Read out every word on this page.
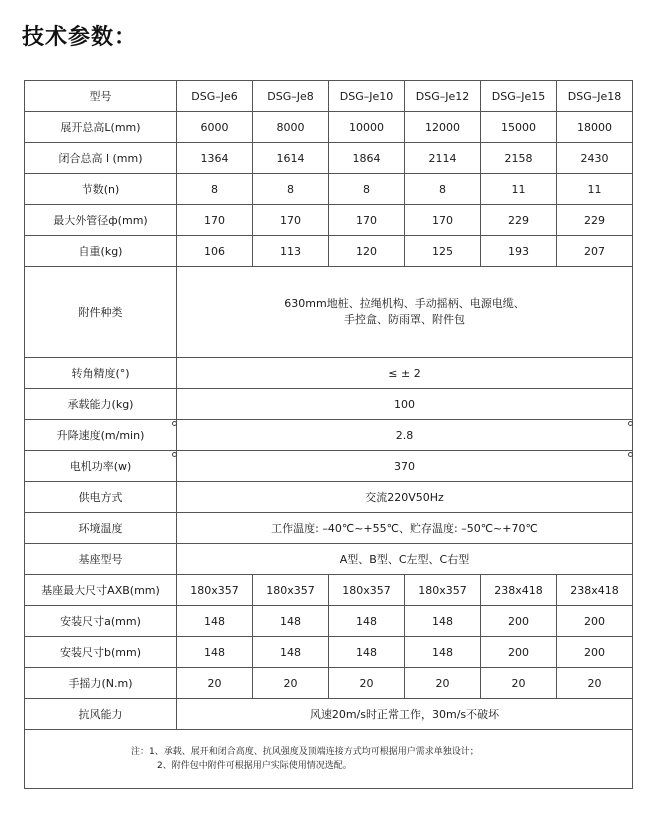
技术参数：
型号	DSG–Je6	DSG–Je8	DSG–Je10	DSG–Je12	DSG–Je15	DSG–Je18
展开总高L(mm)	6000	8000	10000	12000	15000	18000
闭合总高 l (mm)	1364	1614	1864	2114	2158	2430
节数(n)	8	8	8	8	11	11
最大外管径ф(mm)	170	170	170	170	229	229
自重(kg)	106	113	120	125	193	207
附件种类	630mm地桩、拉绳机构、手动摇柄、电源电缆、
手控盒、防雨罩、附件包					

转角精度(°)	≤ ± 2					
承载能力(kg)	100					
升降速度(m/min)	2.8					
电机功率(w)	370					
供电方式	交流220V50Hz					
环境温度	工作温度: –40℃~+55℃、贮存温度: –50℃~+70℃					
基座型号	A型、B型、C左型、C右型					
基座最大尺寸AXB(mm)	180x357	180x357	180x357	180x357	238x418	238x418
安装尺寸a(mm)	148	148	148	148	200	200
安装尺寸b(mm)	148	148	148	148	200	200
手摇力(N.m)	20	20	20	20	20	20
抗风能力	风速20m/s时正常工作，30m/s不破坏					

注：1、承载、展开和闭合高度、抗风强度及顶端连接方式均可根据用户需求单独设计；
2、附件包中附件可根据用户实际使用情况选配。						
